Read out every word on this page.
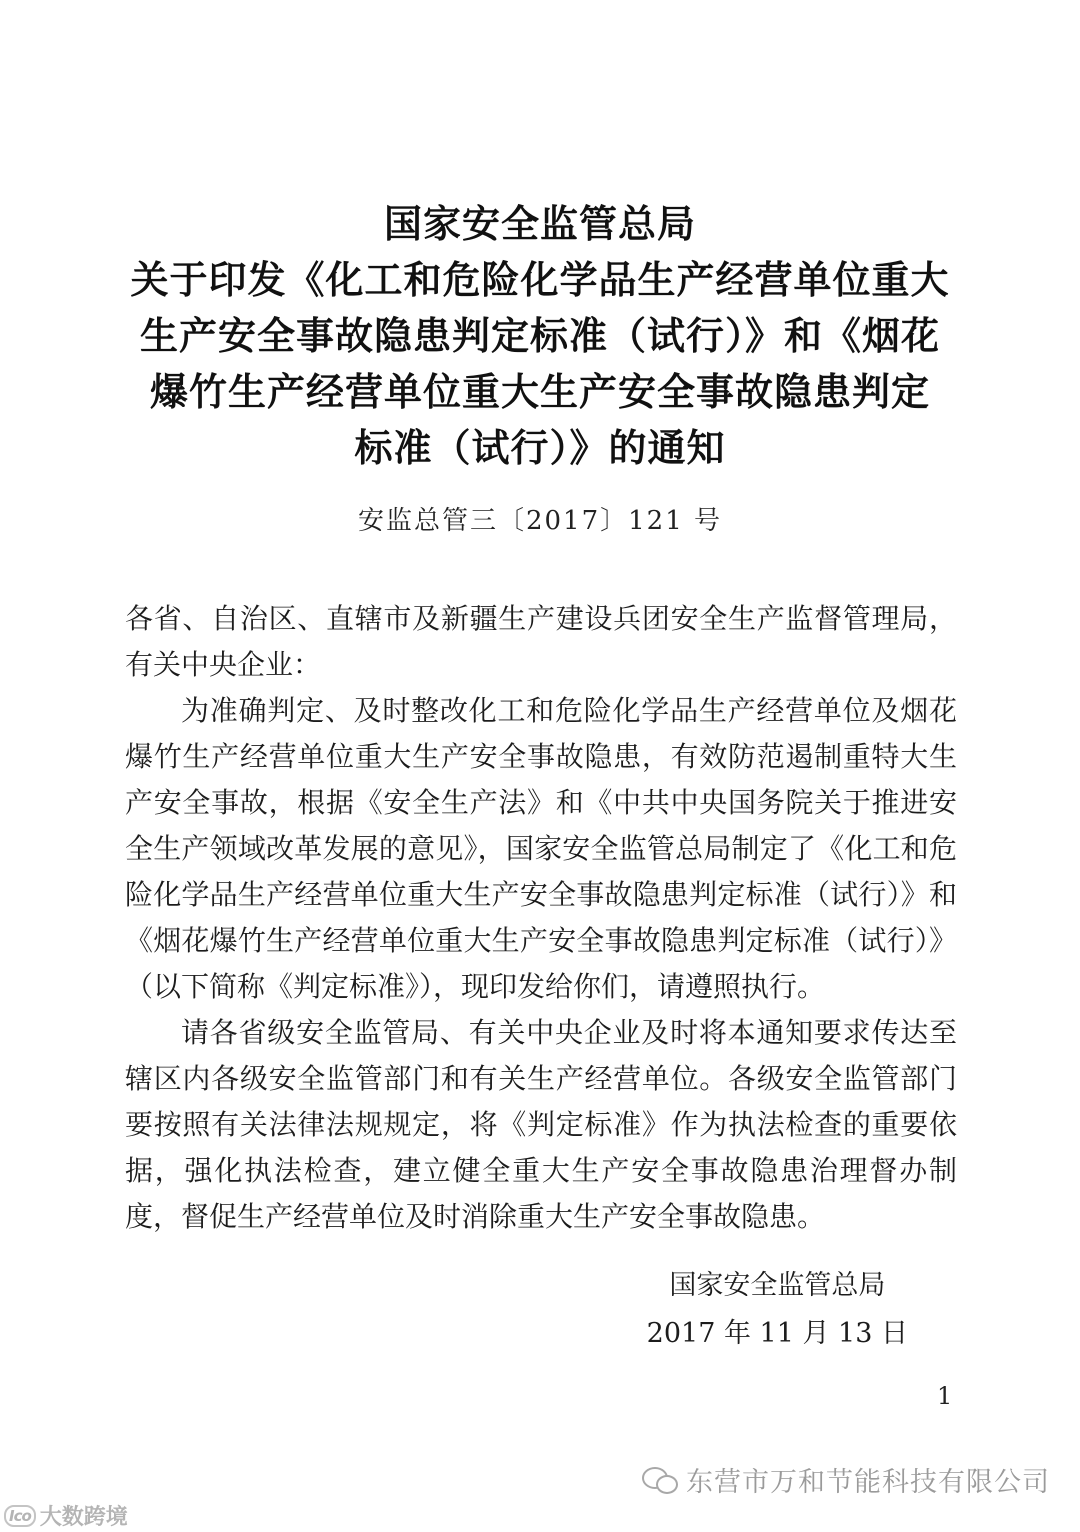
国家安全监管总局
关于印发《化工和危险化学品生产经营单位重大
生产安全事故隐患判定标准（试行）》和《烟花
爆竹生产经营单位重大生产安全事故隐患判定
标准（试行）》的通知
安监总管三〔2017〕121 号

各省、自治区、直辖市及新疆生产建设兵团安全生产监督管理局，有关中央企业：

为准确判定、及时整改化工和危险化学品生产经营单位及烟花爆竹生产经营单位重大生产安全事故隐患，有效防范遏制重特大生产安全事故，根据《安全生产法》和《中共中央国务院关于推进安全生产领域改革发展的意见》，国家安全监管总局制定了《化工和危险化学品生产经营单位重大生产安全事故隐患判定标准（试行）》和《烟花爆竹生产经营单位重大生产安全事故隐患判定标准（试行）》（以下简称《判定标准》），现印发给你们，请遵照执行。

请各省级安全监管局、有关中央企业及时将本通知要求传达至辖区内各级安全监管部门和有关生产经营单位。各级安全监管部门要按照有关法律法规规定，将《判定标准》作为执法检查的重要依据，强化执法检查，建立健全重大生产安全事故隐患治理督办制度，督促生产经营单位及时消除重大生产安全事故隐患。

国家安全监管总局
2017 年 11 月 13 日
1
东营市万和节能科技有限公司
Ico 大数跨境
